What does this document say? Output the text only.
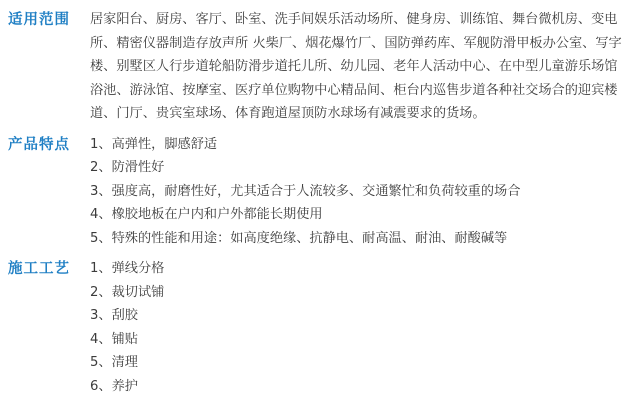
适用范围	居家阳台、厨房、客厅、卧室、洗手间娱乐活动场所、健身房、训练馆、舞台微机房、变电所、精密仪器制造存放声所 火柴厂、烟花爆竹厂、国防弹药库、军舰防滑甲板办公室、写字楼、别墅区人行步道轮船防滑步道托儿所、幼儿园、老年人活动中心、在中型儿童游乐场馆浴池、游泳馆、按摩室、医疗单位购物中心精品间、柜台内巡售步道各种社交场合的迎宾楼道、门厅、贵宾室球场、体育跑道屋顶防水球场有减震要求的货场。

产品特点	1、高弹性，脚感舒适
2、防滑性好
3、强度高，耐磨性好，尤其适合于人流较多、交通繁忙和负荷较重的场合
4、橡胶地板在户内和户外都能长期使用
5、特殊的性能和用途：如高度绝缘、抗静电、耐高温、耐油、耐酸碱等
施工工艺	1、弹线分格
2、裁切试铺
3、刮胶
4、铺贴
5、清理
6、养护
